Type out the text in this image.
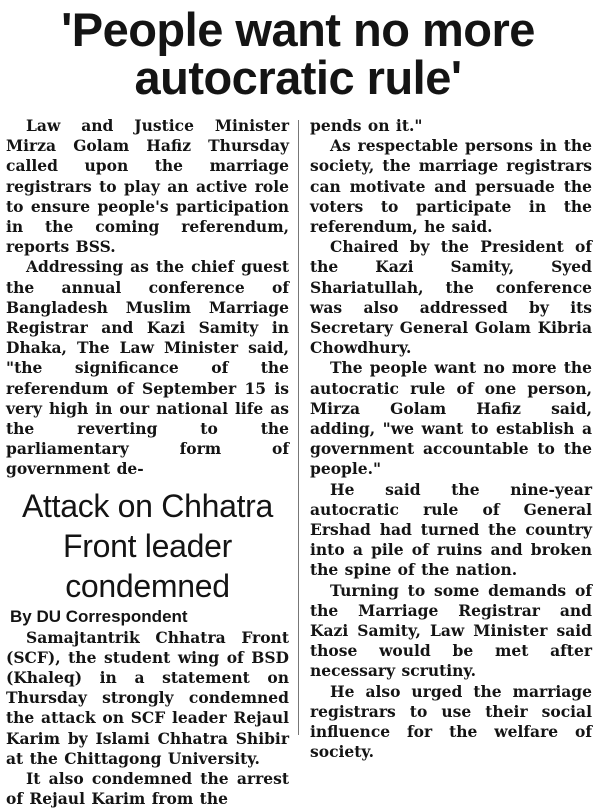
'People want no more
autocratic rule'

Law and Justice Minister Mirza Golam Hafiz Thursday called upon the marriage registrars to play an active role to ensure people's participation in the coming referendum, reports BSS.

Addressing as the chief guest the annual conference of Bangladesh Muslim Marriage Registrar and Kazi Samity in Dhaka, The Law Minister said, "the significance of the referendum of September 15 is very high in our national life as the reverting to the parliamentary form of government de-

Attack on Chhatra Front leader condemned
By DU Correspondent

Samajtantrik Chhatra Front (SCF), the student wing of BSD (Khaleq) in a statement on Thursday strongly condemned the attack on SCF leader Rejaul Karim by Islami Chhatra Shibir at the Chittagong University.

It also condemned the arrest of Rejaul Karim from the

pends on it."

As respectable persons in the society, the marriage registrars can motivate and persuade the voters to participate in the referendum, he said.

Chaired by the President of the Kazi Samity, Syed Shariatullah, the conference was also addressed by its Secretary General Golam Kibria Chowdhury.

The people want no more the autocratic rule of one person, Mirza Golam Hafiz said, adding, "we want to establish a government accountable to the people."

He said the nine-year autocratic rule of General Ershad had turned the country into a pile of ruins and broken the spine of the nation.

Turning to some demands of the Marriage Registrar and Kazi Samity, Law Minister said those would be met after necessary scrutiny.

He also urged the marriage registrars to use their social influence for the welfare of society.
